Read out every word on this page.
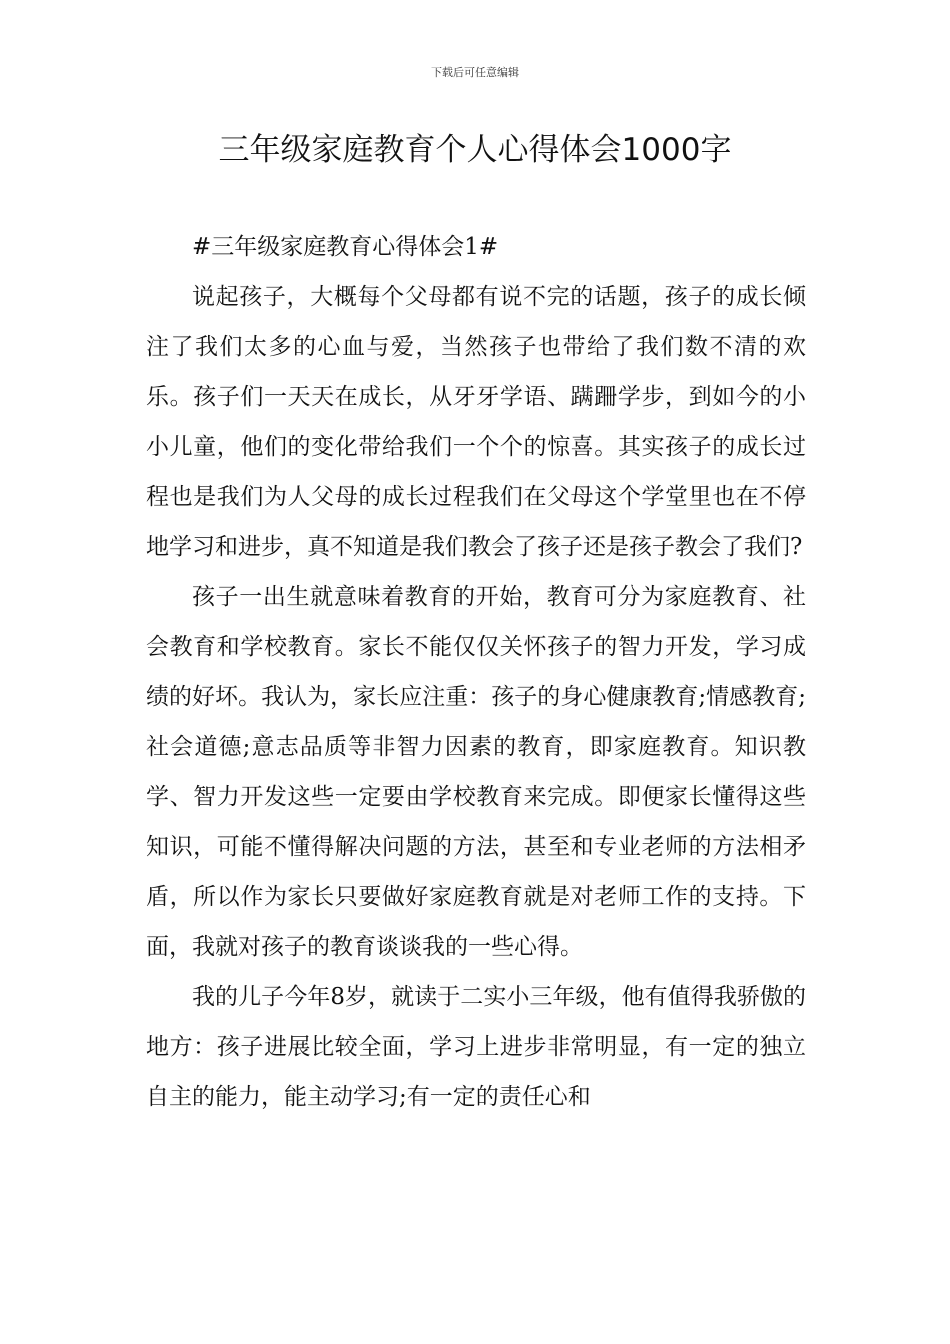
下载后可任意编辑
三年级家庭教育个人心得体会1000字
#三年级家庭教育心得体会1#

说起孩子，大概每个父母都有说不完的话题，孩子的成长倾注了我们太多的心血与爱，当然孩子也带给了我们数不清的欢乐。孩子们一天天在成长，从牙牙学语、蹒跚学步，到如今的小小儿童，他们的变化带给我们一个个的惊喜。其实孩子的成长过程也是我们为人父母的成长过程我们在父母这个学堂里也在不停地学习和进步，真不知道是我们教会了孩子还是孩子教会了我们?

孩子一出生就意味着教育的开始，教育可分为家庭教育、社会教育和学校教育。家长不能仅仅关怀孩子的智力开发，学习成绩的好坏。我认为，家长应注重：孩子的身心健康教育;情感教育;社会道德;意志品质等非智力因素的教育，即家庭教育。知识教学、智力开发这些一定要由学校教育来完成。即便家长懂得这些知识，可能不懂得解决问题的方法，甚至和专业老师的方法相矛盾，所以作为家长只要做好家庭教育就是对老师工作的支持。下面，我就对孩子的教育谈谈我的一些心得。

我的儿子今年8岁，就读于二实小三年级，他有值得我骄傲的地方：孩子进展比较全面，学习上进步非常明显，有一定的独立自主的能力，能主动学习;有一定的责任心和
